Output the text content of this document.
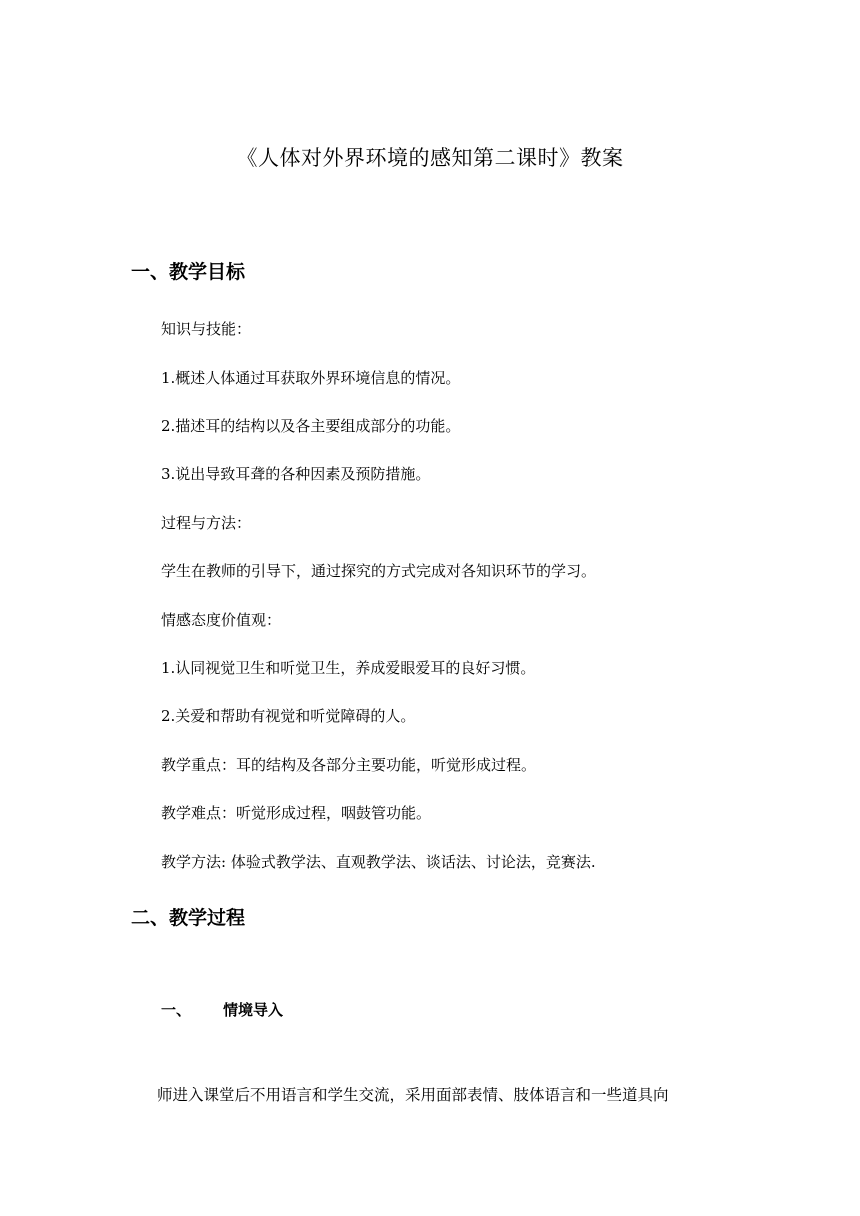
《人体对外界环境的感知第二课时》教案
一、教学目标
知识与技能：
1.概述人体通过耳获取外界环境信息的情况。
2.描述耳的结构以及各主要组成部分的功能。
3.说出导致耳聋的各种因素及预防措施。
过程与方法：
学生在教师的引导下，通过探究的方式完成对各知识环节的学习。
情感态度价值观：
1.认同视觉卫生和听觉卫生，养成爱眼爱耳的良好习惯。
2.关爱和帮助有视觉和听觉障碍的人。
教学重点：耳的结构及各部分主要功能，听觉形成过程。
教学难点：听觉形成过程，咽鼓管功能。
教学方法: 体验式教学法、直观教学法、谈话法、讨论法，竞赛法.
二、教学过程
一、 情境导入
师进入课堂后不用语言和学生交流，采用面部表情、肢体语言和一些道具向
